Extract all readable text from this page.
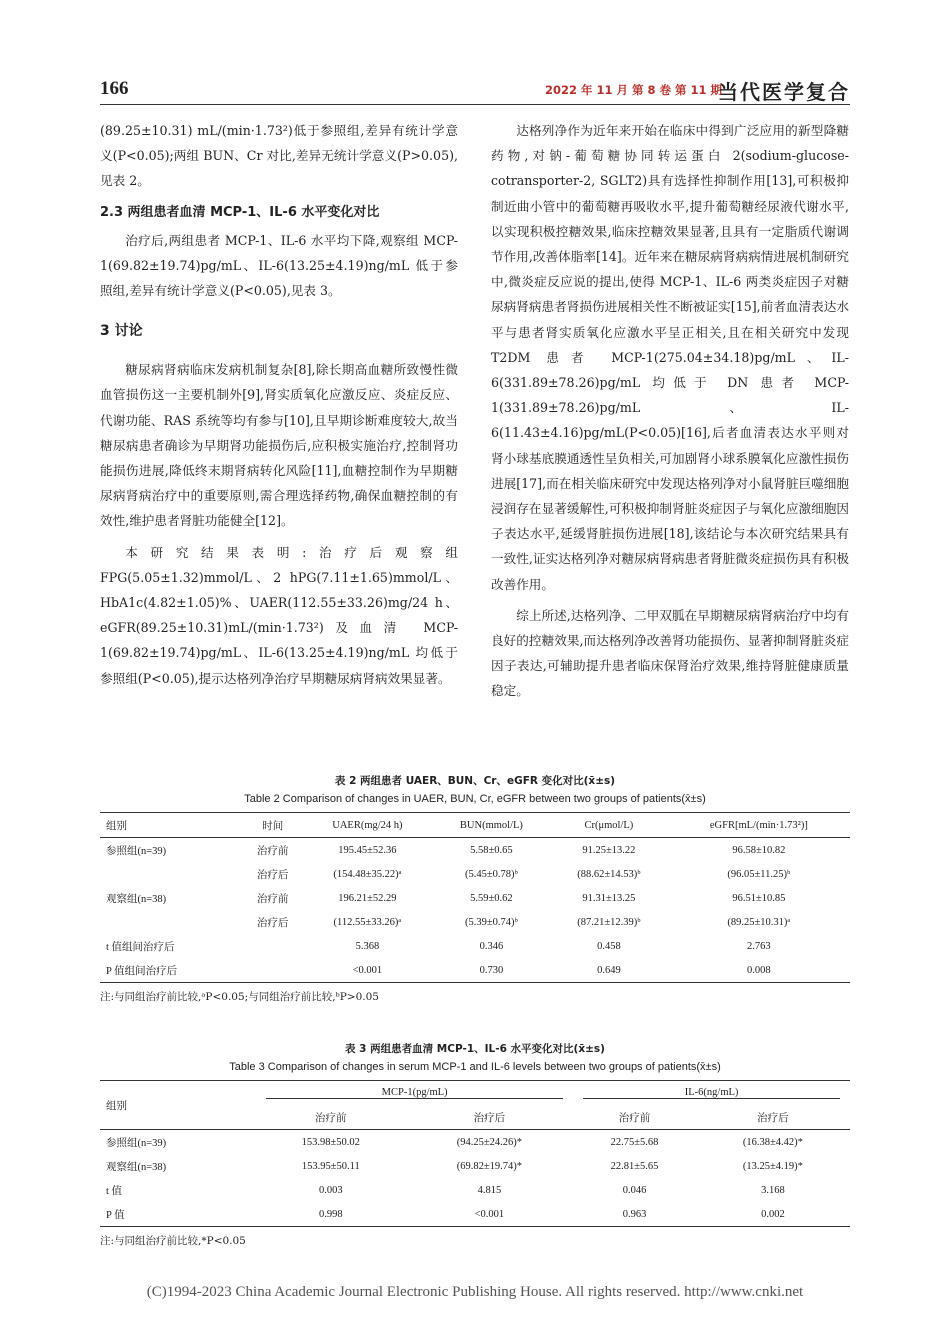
166	2022 年 11 月 第 8 卷 第 11 期
当代医学复合

(89.25±10.31) mL/(min·1.73²)低于参照组,差异有统计学意义(P<0.05);两组 BUN、Cr 对比,差异无统计学意义(P>0.05),见表 2。

2.3 两组患者血清 MCP-1、IL-6 水平变化对比

治疗后,两组患者 MCP-1、IL-6 水平均下降,观察组 MCP-1(69.82±19.74)pg/mL、IL-6(13.25±4.19)ng/mL 低于参照组,差异有统计学意义(P<0.05),见表 3。

3 讨论

糖尿病肾病临床发病机制复杂[8],除长期高血糖所致慢性微血管损伤这一主要机制外[9],肾实质氧化应激反应、炎症反应、代谢功能、RAS 系统等均有参与[10],且早期诊断难度较大,故当糖尿病患者确诊为早期肾功能损伤后,应积极实施治疗,控制肾功能损伤进展,降低终末期肾病转化风险[11],血糖控制作为早期糖尿病肾病治疗中的重要原则,需合理选择药物,确保血糖控制的有效性,维护患者肾脏功能健全[12]。

本研究结果表明:治疗后观察组 FPG(5.05±1.32)mmol/L、2 hPG(7.11±1.65)mmol/L、HbA1c(4.82±1.05)%、UAER(112.55±33.26)mg/24 h、eGFR(89.25±10.31)mL/(min·1.73²)及血清 MCP-1(69.82±19.74)pg/mL、IL-6(13.25±4.19)ng/mL 均低于参照组(P<0.05),提示达格列净治疗早期糖尿病肾病效果显著。

达格列净作为近年来开始在临床中得到广泛应用的新型降糖药物,对钠-葡萄糖协同转运蛋白 2(sodium-glucose-cotransporter-2, SGLT2)具有选择性抑制作用[13],可积极抑制近曲小管中的葡萄糖再吸收水平,提升葡萄糖经尿液代谢水平,以实现积极控糖效果,临床控糖效果显著,且具有一定脂质代谢调节作用,改善体脂率[14]。近年来在糖尿病肾病病情进展机制研究中,微炎症反应说的提出,使得 MCP-1、IL-6 两类炎症因子对糖尿病肾病患者肾损伤进展相关性不断被证实[15],前者血清表达水平与患者肾实质氧化应激水平呈正相关,且在相关研究中发现 T2DM 患者 MCP-1(275.04±34.18)pg/mL、IL-6(331.89±78.26)pg/mL 均低于 DN 患者 MCP-1(331.89±78.26)pg/mL、IL-6(11.43±4.16)pg/mL(P<0.05)[16],后者血清表达水平则对肾小球基底膜通透性呈负相关,可加剧肾小球系膜氧化应激性损伤进展[17],而在相关临床研究中发现达格列净对小鼠肾脏巨噬细胞浸润存在显著缓解性,可积极抑制肾脏炎症因子与氧化应激细胞因子表达水平,延缓肾脏损伤进展[18],该结论与本次研究结果具有一致性,证实达格列净对糖尿病肾病患者肾脏微炎症损伤具有积极改善作用。

综上所述,达格列净、二甲双胍在早期糖尿病肾病治疗中均有良好的控糖效果,而达格列净改善肾功能损伤、显著抑制肾脏炎症因子表达,可辅助提升患者临床保肾治疗效果,维持肾脏健康质量稳定。

表 2 两组患者 UAER、BUN、Cr、eGFR 变化对比(x̄±s)
Table 2 Comparison of changes in UAER, BUN, Cr, eGFR between two groups of patients(x̄±s)
组别	时间	UAER(mg/24 h)	BUN(mmol/L)	Cr(μmol/L)	eGFR[mL/(min·1.73²)]
参照组(n=39)	治疗前	195.45±52.36	5.58±0.65	91.25±13.22	96.58±10.82
	治疗后	(154.48±35.22)ᵃ	(5.45±0.78)ᵇ	(88.62±14.53)ᵇ	(96.05±11.25)ᵇ
观察组(n=38)	治疗前	196.21±52.29	5.59±0.62	91.31±13.25	96.51±10.85
	治疗后	(112.55±33.26)ᵃ	(5.39±0.74)ᵇ	(87.21±12.39)ᵇ	(89.25±10.31)ᵃ
t 值组间治疗后		5.368	0.346	0.458	2.763
P 值组间治疗后		<0.001	0.730	0.649	0.008
注:与同组治疗前比较,ᵃP<0.05;与同组治疗前比较,ᵇP>0.05
表 3 两组患者血清 MCP-1、IL-6 水平变化对比(x̄±s)
Table 3 Comparison of changes in serum MCP-1 and IL-6 levels between two groups of patients(x̄±s)
组别	MCP-1(pg/mL)		IL-6(ng/mL)	

	治疗前	治疗后	治疗前	治疗后
参照组(n=39)	153.98±50.02	(94.25±24.26)*	22.75±5.68	(16.38±4.42)*
观察组(n=38)	153.95±50.11	(69.82±19.74)*	22.81±5.65	(13.25±4.19)*
t 值	0.003	4.815	0.046	3.168
P 值	0.998	<0.001	0.963	0.002
注:与同组治疗前比较,*P<0.05
(C)1994-2023 China Academic Journal Electronic Publishing House. All rights reserved. http://www.cnki.net
